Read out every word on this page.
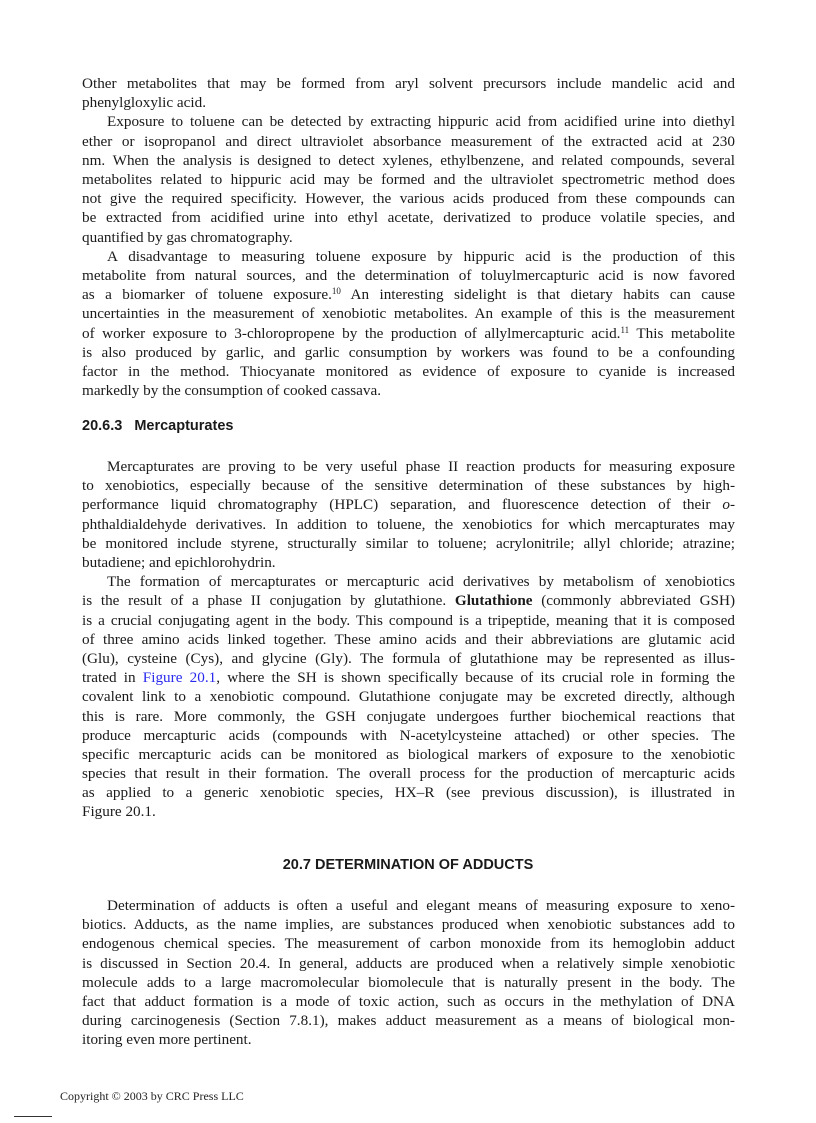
Other metabolites that may be formed from aryl solvent precursors include mandelic acid and
phenylgloxylic acid.
Exposure to toluene can be detected by extracting hippuric acid from acidified urine into diethyl
ether or isopropanol and direct ultraviolet absorbance measurement of the extracted acid at 230
nm. When the analysis is designed to detect xylenes, ethylbenzene, and related compounds, several
metabolites related to hippuric acid may be formed and the ultraviolet spectrometric method does
not give the required specificity. However, the various acids produced from these compounds can
be extracted from acidified urine into ethyl acetate, derivatized to produce volatile species, and
quantified by gas chromatography.
A disadvantage to measuring toluene exposure by hippuric acid is the production of this
metabolite from natural sources, and the determination of toluylmercapturic acid is now favored
as a biomarker of toluene exposure.$^{10}$ An interesting sidelight is that dietary habits can cause
uncertainties in the measurement of xenobiotic metabolites. An example of this is the measurement
of worker exposure to 3-chloropropene by the production of allylmercapturic acid.$^{11}$ This metabolite
is also produced by garlic, and garlic consumption by workers was found to be a confounding
factor in the method. Thiocyanate monitored as evidence of exposure to cyanide is increased
markedly by the consumption of cooked cassava.
20.6.3 Mercapturates
Mercapturates are proving to be very useful phase II reaction products for measuring exposure
to xenobiotics, especially because of the sensitive determination of these substances by high-
performance liquid chromatography (HPLC) separation, and fluorescence detection of their o-
phthaldialdehyde derivatives. In addition to toluene, the xenobiotics for which mercapturates may
be monitored include styrene, structurally similar to toluene; acrylonitrile; allyl chloride; atrazine;
butadiene; and epichlorohydrin.
The formation of mercapturates or mercapturic acid derivatives by metabolism of xenobiotics
is the result of a phase II conjugation by glutathione. Glutathione (commonly abbreviated GSH)
is a crucial conjugating agent in the body. This compound is a tripeptide, meaning that it is composed
of three amino acids linked together. These amino acids and their abbreviations are glutamic acid
(Glu), cysteine (Cys), and glycine (Gly). The formula of glutathione may be represented as illus-
trated in Figure 20.1, where the SH is shown specifically because of its crucial role in forming the
covalent link to a xenobiotic compound. Glutathione conjugate may be excreted directly, although
this is rare. More commonly, the GSH conjugate undergoes further biochemical reactions that
produce mercapturic acids (compounds with N-acetylcysteine attached) or other species. The
specific mercapturic acids can be monitored as biological markers of exposure to the xenobiotic
species that result in their formation. The overall process for the production of mercapturic acids
as applied to a generic xenobiotic species, HX–R (see previous discussion), is illustrated in
Figure 20.1.
20.7 DETERMINATION OF ADDUCTS
Determination of adducts is often a useful and elegant means of measuring exposure to xeno-
biotics. Adducts, as the name implies, are substances produced when xenobiotic substances add to
endogenous chemical species. The measurement of carbon monoxide from its hemoglobin adduct
is discussed in Section 20.4. In general, adducts are produced when a relatively simple xenobiotic
molecule adds to a large macromolecular biomolecule that is naturally present in the body. The
fact that adduct formation is a mode of toxic action, such as occurs in the methylation of DNA
during carcinogenesis (Section 7.8.1), makes adduct measurement as a means of biological mon-
itoring even more pertinent.
Copyright © 2003 by CRC Press LLC
